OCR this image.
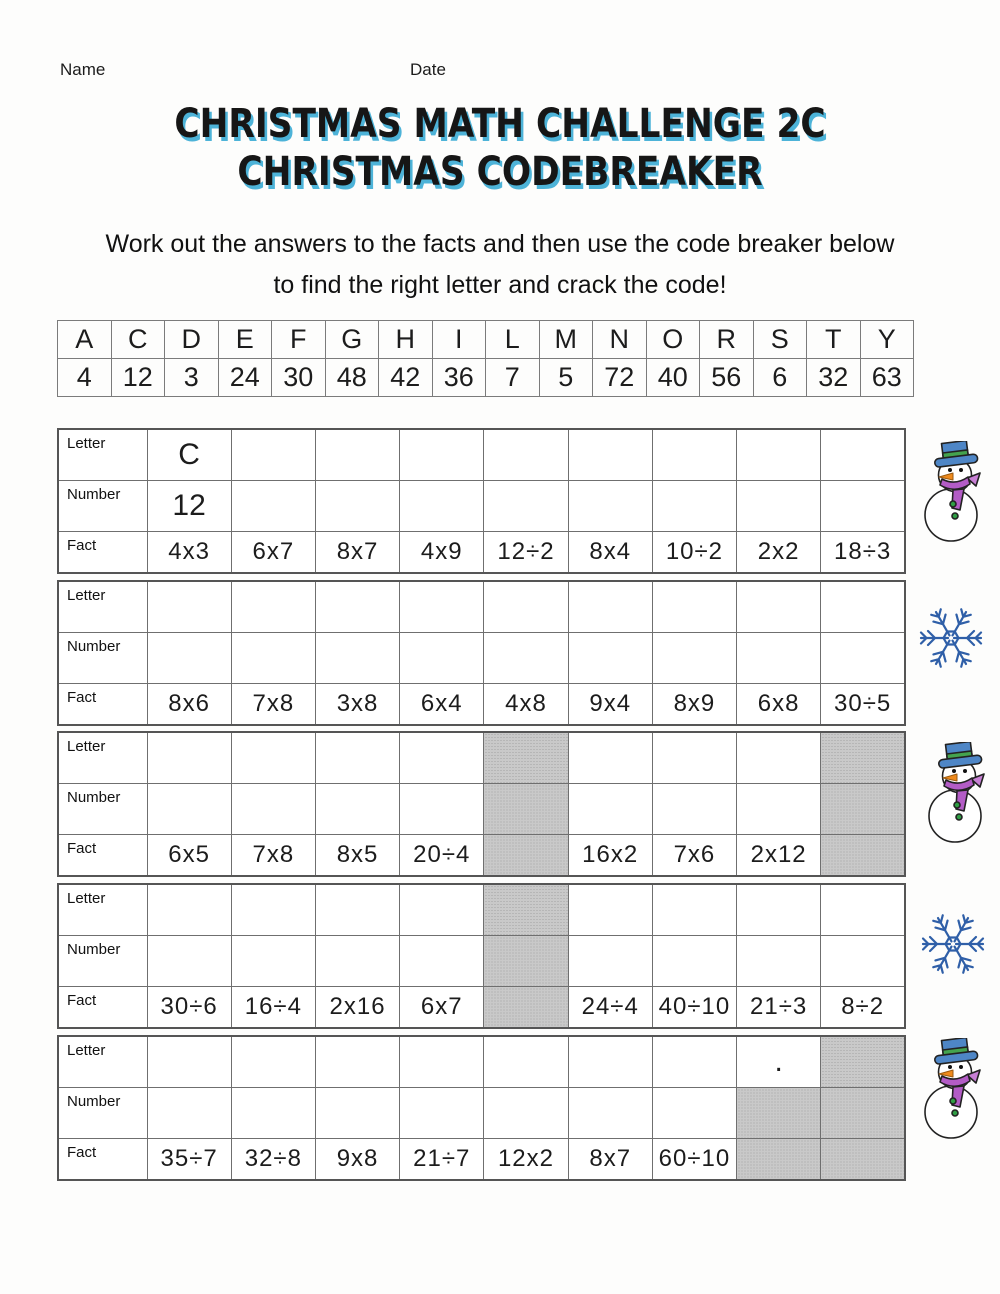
Name	Date
CHRISTMAS MATH CHALLENGE 2C
CHRISTMAS CODEBREAKER
Work out the answers to the facts and then use the code breaker below
to find the right letter and crack the code!
A	C	D	E	F	G	H	I	L	M	N	O	R	S	T	Y
4	12	3	24	30	48	42	36	7	5	72	40	56	6	32	63
Letter	C								
Number	12								
Fact	4x3	6x7	8x7	4x9	12÷2	8x4	10÷2	2x2	18÷3
Letter									
Number									
Fact	8x6	7x8	3x8	6x4	4x8	9x4	8x9	6x8	30÷5
Letter									
Number									
Fact	6x5	7x8	8x5	20÷4		16x2	7x6	2x12	
Letter									
Number									
Fact	30÷6	16÷4	2x16	6x7		24÷4	40÷10	21÷3	8÷2
Letter								.	
Number									
Fact	35÷7	32÷8	9x8	21÷7	12x2	8x7	60÷10		
